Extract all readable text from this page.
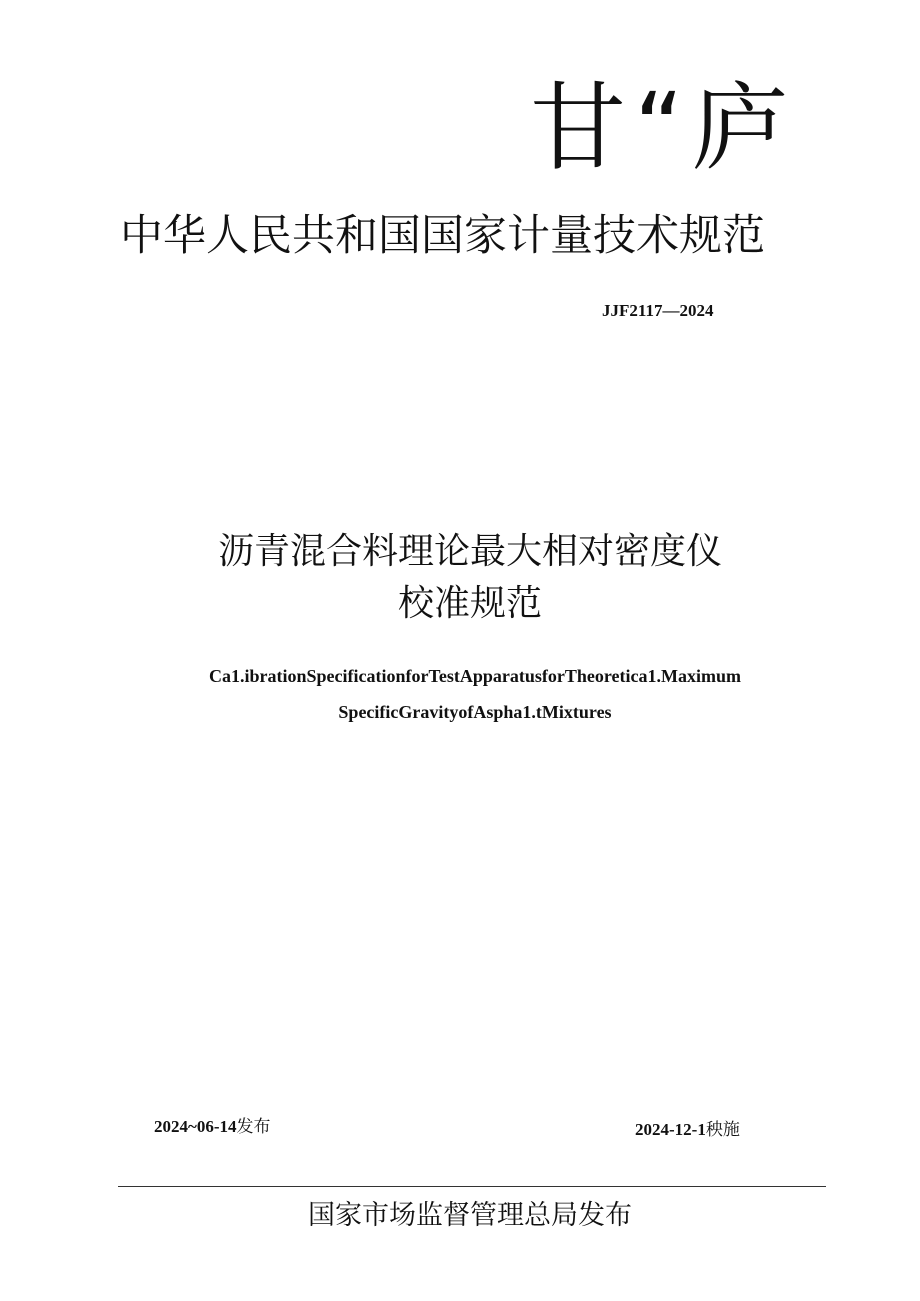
甘“庐
中华人民共和国国家计量技术规范
JJF2117—2024
沥青混合料理论最大相对密度仪
校准规范
Ca1.ibrationSpecificationforTestApparatusforTheoretica1.Maximum
SpecificGravityofAspha1.tMixtures
2024~06-14发布	2024-12-1秧施
国家市场监督管理总局发布
